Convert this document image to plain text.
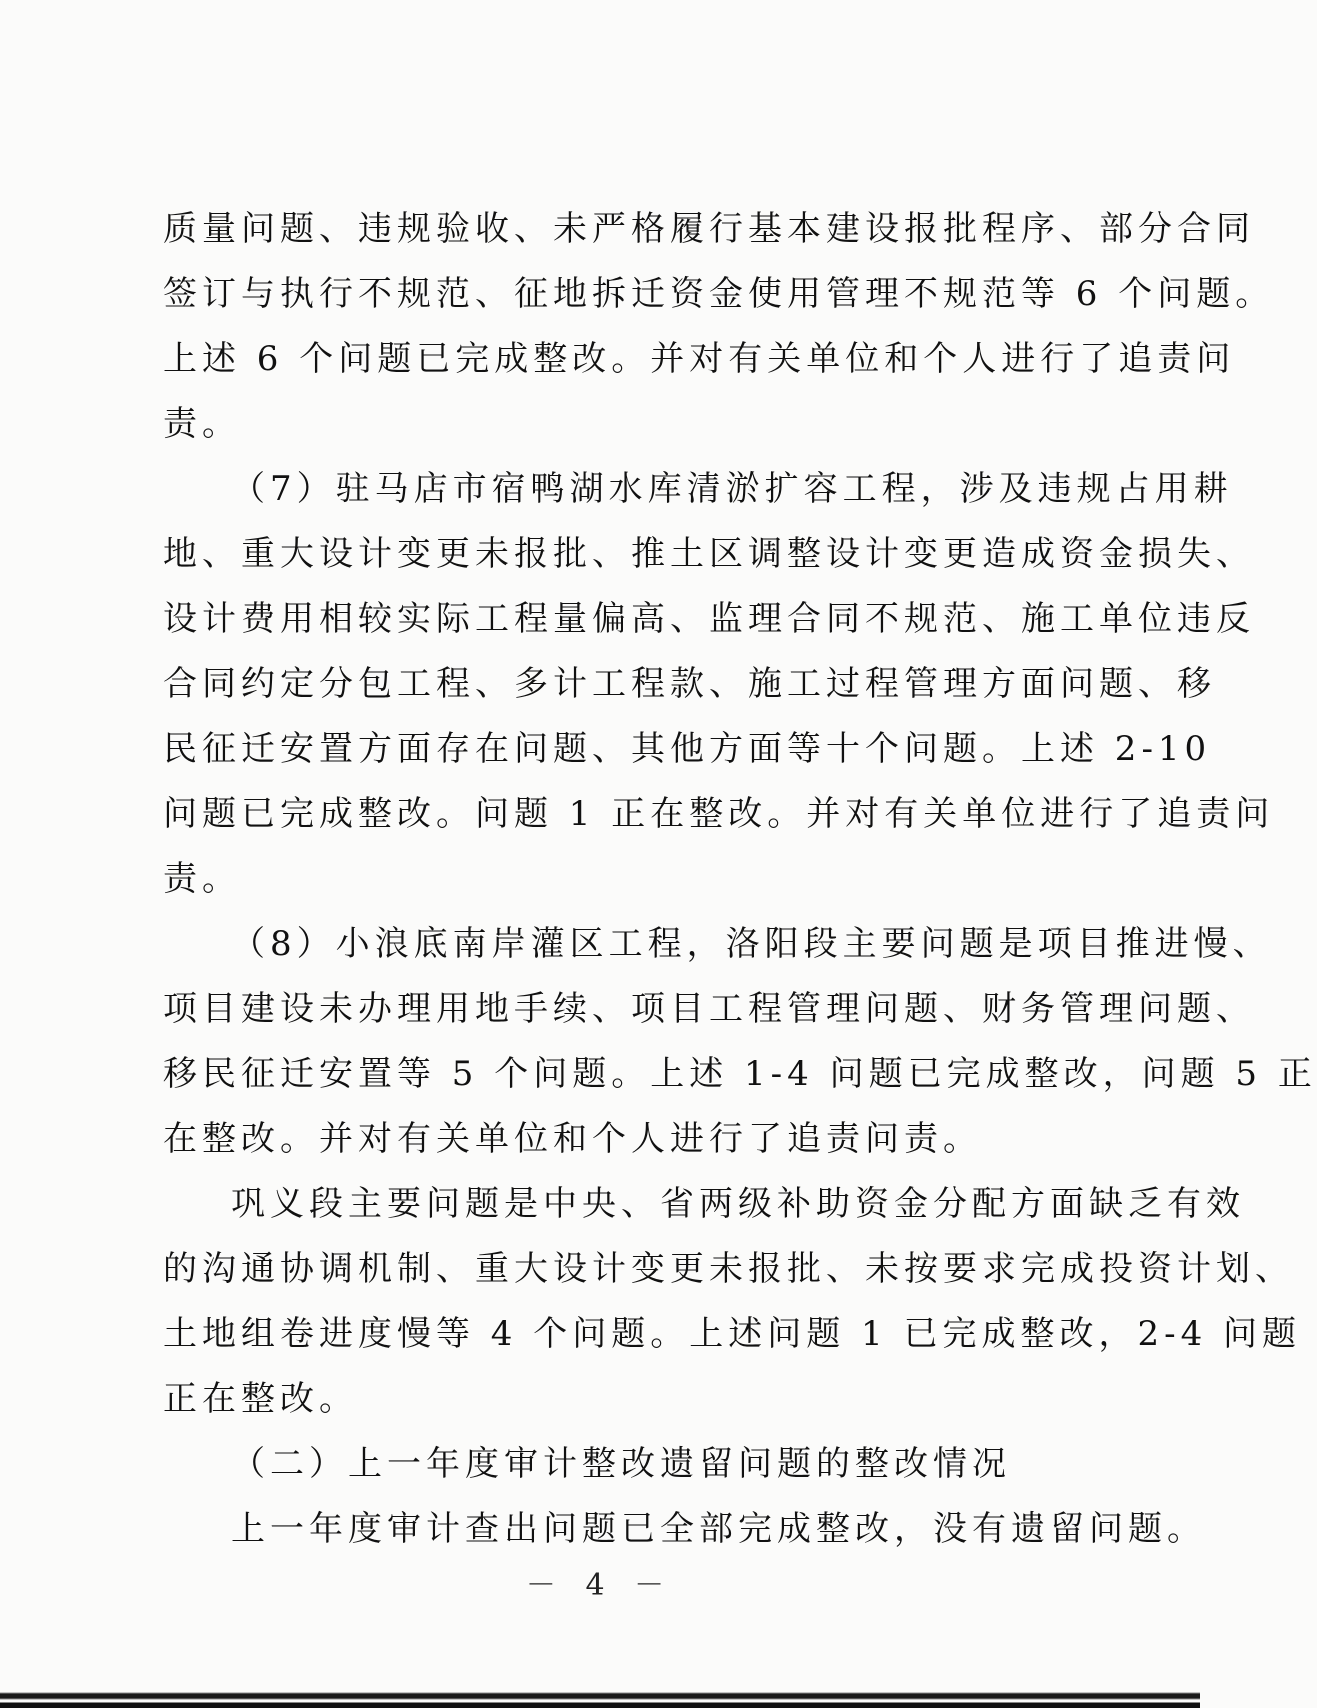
质量问题、违规验收、未严格履行基本建设报批程序、部分合同
签订与执行不规范、征地拆迁资金使用管理不规范等 6 个问题。
上述 6 个问题已完成整改。并对有关单位和个人进行了追责问
责。

（7）驻马店市宿鸭湖水库清淤扩容工程，涉及违规占用耕
地、重大设计变更未报批、推土区调整设计变更造成资金损失、
设计费用相较实际工程量偏高、监理合同不规范、施工单位违反
合同约定分包工程、多计工程款、施工过程管理方面问题、移
民征迁安置方面存在问题、其他方面等十个问题。上述 2-10
问题已完成整改。问题 1 正在整改。并对有关单位进行了追责问
责。

（8）小浪底南岸灌区工程，洛阳段主要问题是项目推进慢、
项目建设未办理用地手续、项目工程管理问题、财务管理问题、
移民征迁安置等 5 个问题。上述 1-4 问题已完成整改，问题 5 正
在整改。并对有关单位和个人进行了追责问责。

巩义段主要问题是中央、省两级补助资金分配方面缺乏有效
的沟通协调机制、重大设计变更未报批、未按要求完成投资计划、
土地组卷进度慢等 4 个问题。上述问题 1 已完成整改，2-4 问题
正在整改。

（二）上一年度审计整改遗留问题的整改情况

上一年度审计查出问题已全部完成整改，没有遗留问题。

－ 4 －
